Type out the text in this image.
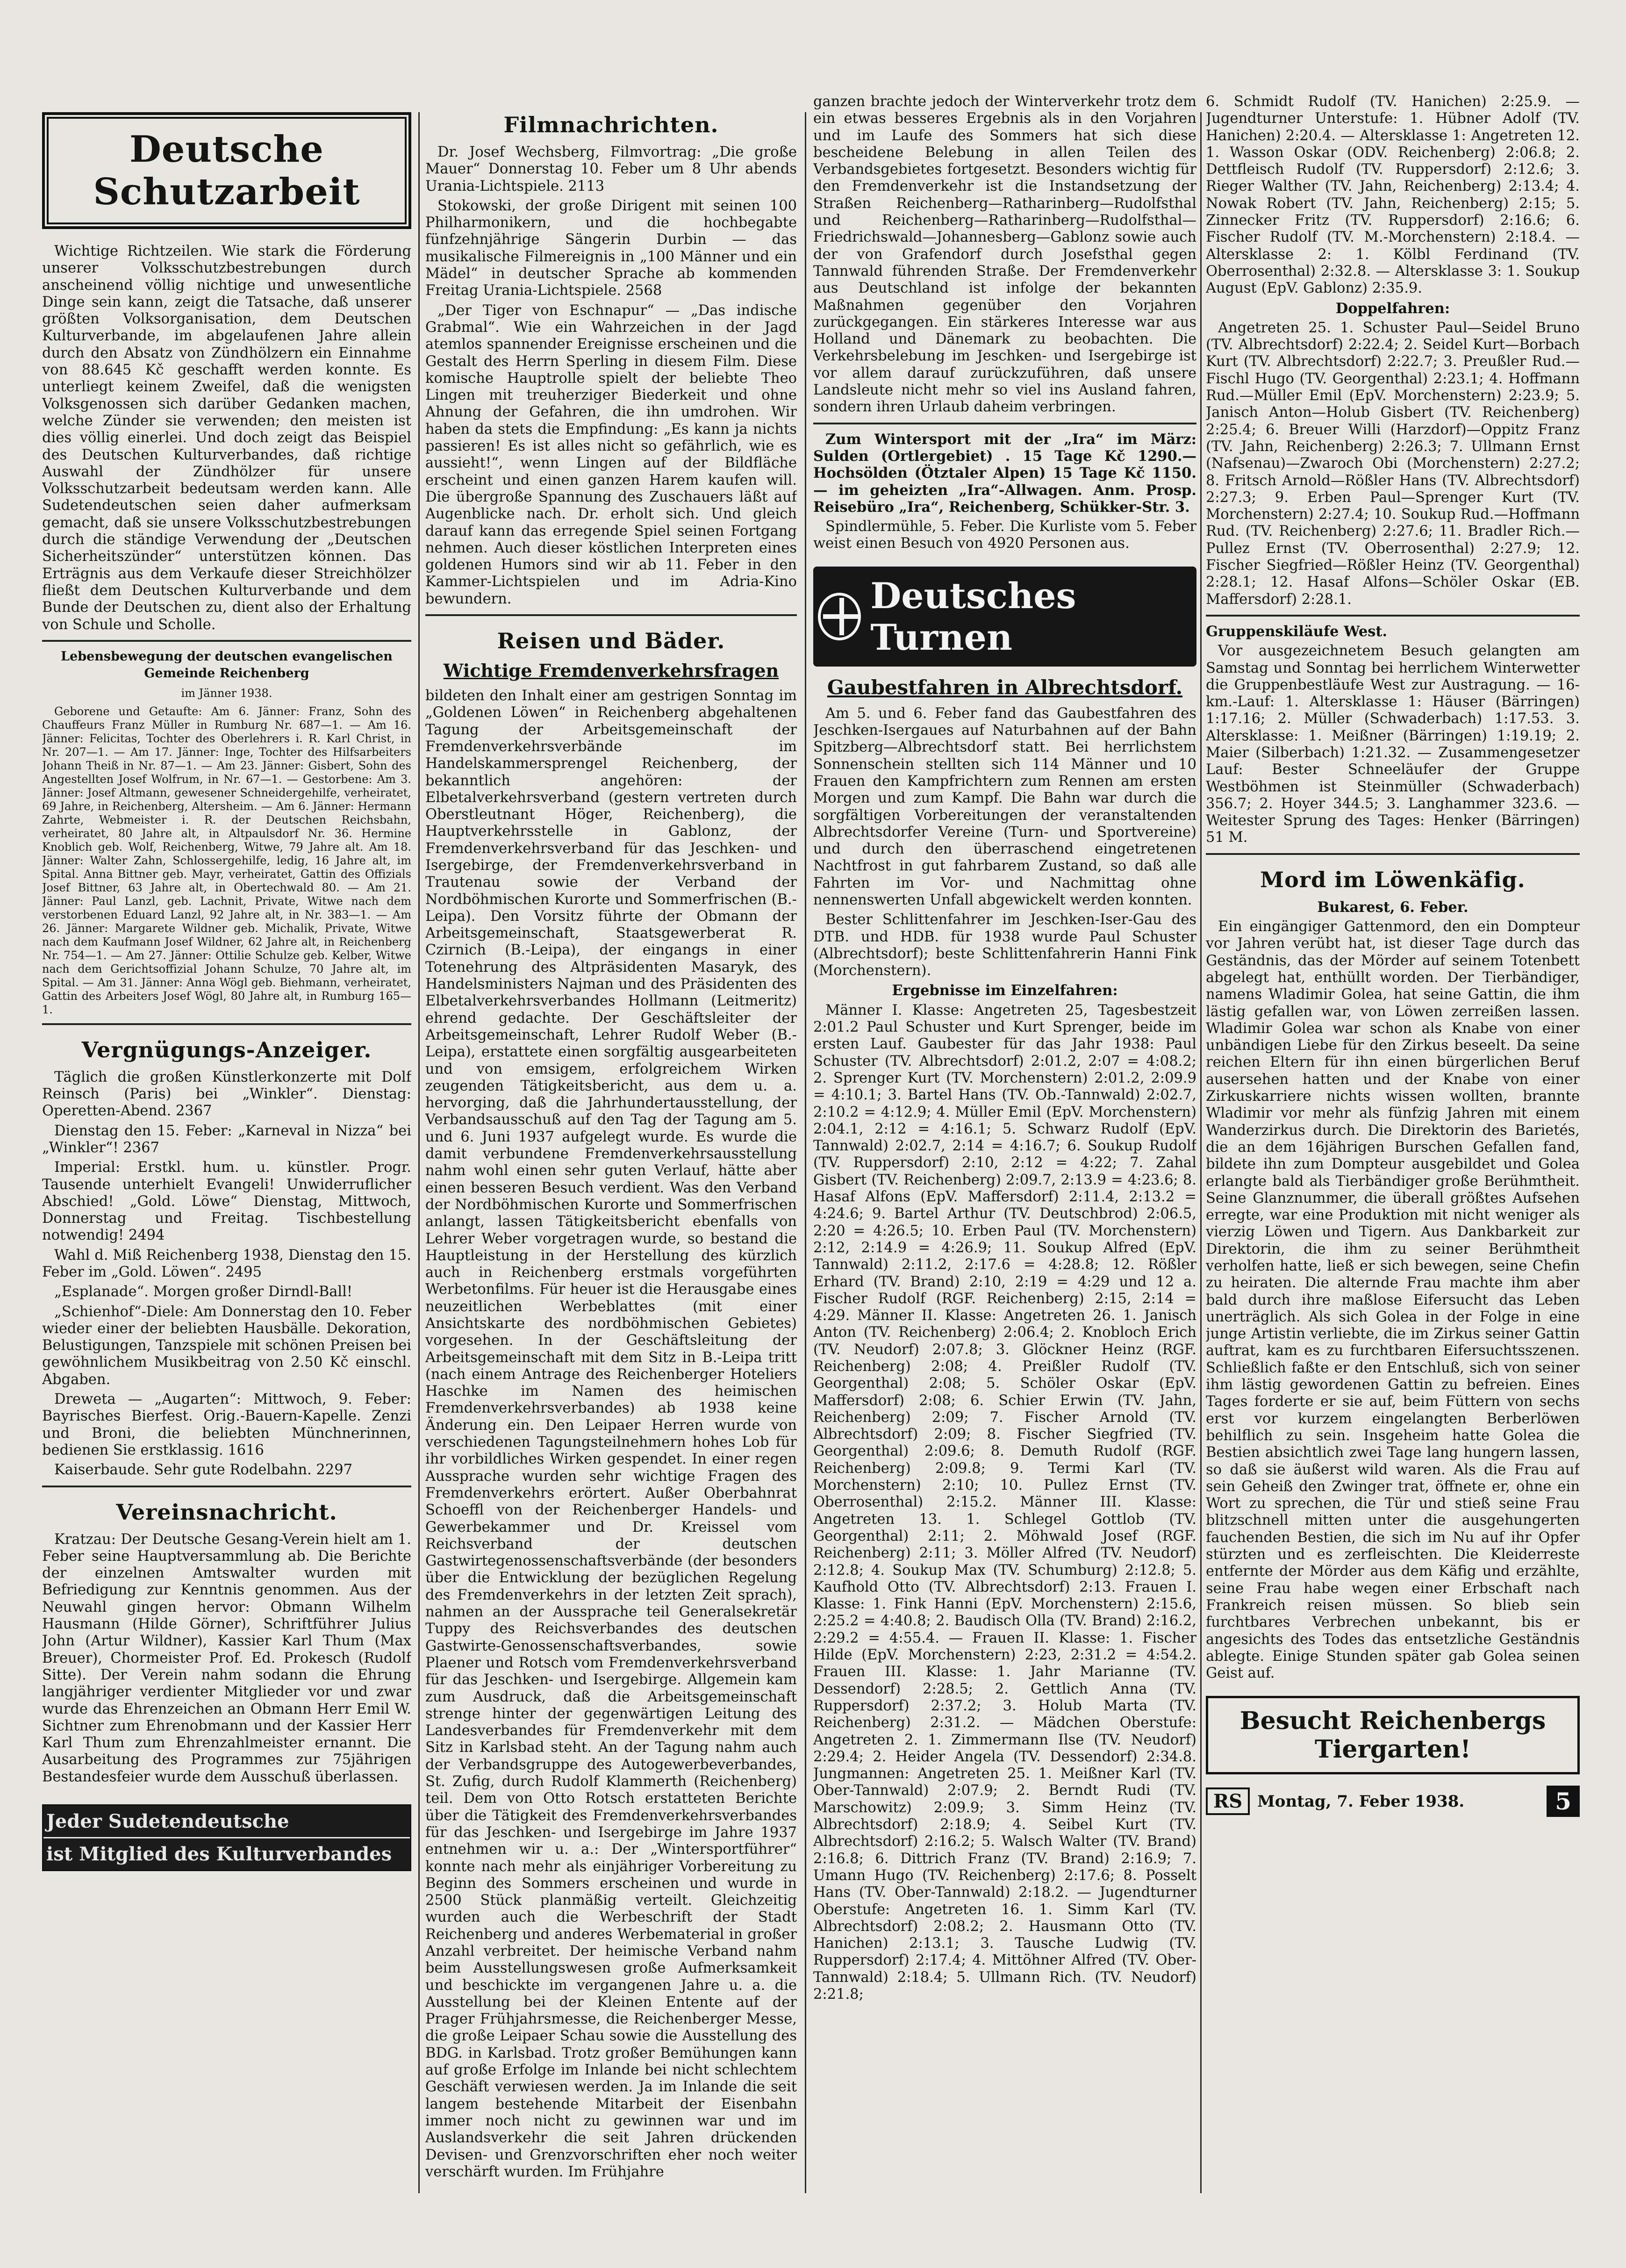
Deutsche Schutzarbeit

Wichtige Richtzeilen. Wie stark die Förderung unserer Volksschutzbestrebungen durch anscheinend völlig nichtige und unwesentliche Dinge sein kann, zeigt die Tatsache, daß unserer größten Volksorganisation, dem Deutschen Kulturverbande, im abgelaufenen Jahre allein durch den Absatz von Zündhölzern ein Einnahme von 88.645 Kč geschafft werden konnte. Es unterliegt keinem Zweifel, daß die wenigsten Volksgenossen sich darüber Gedanken machen, welche Zünder sie verwenden; den meisten ist dies völlig einerlei. Und doch zeigt das Beispiel des Deutschen Kulturverbandes, daß richtige Auswahl der Zündhölzer für unsere Volksschutzarbeit bedeutsam werden kann. Alle Sudetendeutschen seien daher aufmerksam gemacht, daß sie unsere Volksschutzbestrebungen durch die ständige Verwendung der „Deutschen Sicherheitszünder“ unterstützen können. Das Erträgnis aus dem Verkaufe dieser Streichhölzer fließt dem Deutschen Kulturverbande und dem Bunde der Deutschen zu, dient also der Erhaltung von Schule und Scholle.

Lebensbewegung der deutschen evangelischen Gemeinde Reichenberg

im Jänner 1938.

Geborene und Getaufte: Am 6. Jänner: Franz, Sohn des Chauffeurs Franz Müller in Rumburg Nr. 687—1. — Am 16. Jänner: Felicitas, Tochter des Oberlehrers i. R. Karl Christ, in Nr. 207—1. — Am 17. Jänner: Inge, Tochter des Hilfsarbeiters Johann Theiß in Nr. 87—1. — Am 23. Jänner: Gisbert, Sohn des Angestellten Josef Wolfrum, in Nr. 67—1. — Gestorbene: Am 3. Jänner: Josef Altmann, gewesener Schneidergehilfe, verheiratet, 69 Jahre, in Reichenberg, Altersheim. — Am 6. Jänner: Hermann Zahrte, Webmeister i. R. der Deutschen Reichsbahn, verheiratet, 80 Jahre alt, in Altpaulsdorf Nr. 36. Hermine Knoblich geb. Wolf, Reichenberg, Witwe, 79 Jahre alt. Am 18. Jänner: Walter Zahn, Schlossergehilfe, ledig, 16 Jahre alt, im Spital. Anna Bittner geb. Mayr, verheiratet, Gattin des Offizials Josef Bittner, 63 Jahre alt, in Obertechwald 80. — Am 21. Jänner: Paul Lanzl, geb. Lachnit, Private, Witwe nach dem verstorbenen Eduard Lanzl, 92 Jahre alt, in Nr. 383—1. — Am 26. Jänner: Margarete Wildner geb. Michalik, Private, Witwe nach dem Kaufmann Josef Wildner, 62 Jahre alt, in Reichenberg Nr. 754—1. — Am 27. Jänner: Ottilie Schulze geb. Kelber, Witwe nach dem Gerichtsoffizial Johann Schulze, 70 Jahre alt, im Spital. — Am 31. Jänner: Anna Wögl geb. Biehmann, verheiratet, Gattin des Arbeiters Josef Wögl, 80 Jahre alt, in Rumburg 165—1.

Vergnügungs-Anzeiger.

Täglich die großen Künstlerkonzerte mit Dolf Reinsch (Paris) bei „Winkler“. Dienstag: Operetten-Abend. 2367

Dienstag den 15. Feber: „Karneval in Nizza“ bei „Winkler“! 2367

Imperial: Erstkl. hum. u. künstler. Progr. Tausende unterhielt Evangeli! Unwiderruflicher Abschied! „Gold. Löwe“ Dienstag, Mittwoch, Donnerstag und Freitag. Tischbestellung notwendig! 2494

Wahl d. Miß Reichenberg 1938, Dienstag den 15. Feber im „Gold. Löwen“. 2495

„Esplanade“. Morgen großer Dirndl-Ball!

„Schienhof“-Diele: Am Donnerstag den 10. Feber wieder einer der beliebten Hausbälle. Dekoration, Belustigungen, Tanzspiele mit schönen Preisen bei gewöhnlichem Musikbeitrag von 2.50 Kč einschl. Abgaben.

Dreweta — „Augarten“: Mittwoch, 9. Feber: Bayrisches Bierfest. Orig.-Bauern-Kapelle. Zenzi und Broni, die beliebten Münchnerinnen, bedienen Sie erstklassig. 1616

Kaiserbaude. Sehr gute Rodelbahn. 2297

Vereinsnachricht.

Kratzau: Der Deutsche Gesang-Verein hielt am 1. Feber seine Hauptversammlung ab. Die Berichte der einzelnen Amtswalter wurden mit Befriedigung zur Kenntnis genommen. Aus der Neuwahl gingen hervor: Obmann Wilhelm Hausmann (Hilde Görner), Schriftführer Julius John (Artur Wildner), Kassier Karl Thum (Max Breuer), Chormeister Prof. Ed. Prokesch (Rudolf Sitte). Der Verein nahm sodann die Ehrung langjähriger verdienter Mitglieder vor und zwar wurde das Ehrenzeichen an Obmann Herr Emil W. Sichtner zum Ehrenobmann und der Kassier Herr Karl Thum zum Ehrenzahlmeister ernannt. Die Ausarbeitung des Programmes zur 75jährigen Bestandesfeier wurde dem Ausschuß überlassen.

Jeder Sudetendeutsche
ist Mitglied des Kulturverbandes
Filmnachrichten.

Dr. Josef Wechsberg, Filmvortrag: „Die große Mauer“ Donnerstag 10. Feber um 8 Uhr abends Urania-Lichtspiele. 2113

Stokowski, der große Dirigent mit seinen 100 Philharmonikern, und die hochbegabte fünfzehnjährige Sängerin Durbin — das musikalische Filmereignis in „100 Männer und ein Mädel“ in deutscher Sprache ab kommenden Freitag Urania-Lichtspiele. 2568

„Der Tiger von Eschnapur“ — „Das indische Grabmal“. Wie ein Wahrzeichen in der Jagd atemlos spannender Ereignisse erscheinen und die Gestalt des Herrn Sperling in diesem Film. Diese komische Hauptrolle spielt der beliebte Theo Lingen mit treuherziger Biederkeit und ohne Ahnung der Gefahren, die ihn umdrohen. Wir haben da stets die Empfindung: „Es kann ja nichts passieren! Es ist alles nicht so gefährlich, wie es aussieht!“, wenn Lingen auf der Bildfläche erscheint und einen ganzen Harem kaufen will. Die übergroße Spannung des Zuschauers läßt auf Augenblicke nach. Dr. erholt sich. Und gleich darauf kann das erregende Spiel seinen Fortgang nehmen. Auch dieser köstlichen Interpreten eines goldenen Humors sind wir ab 11. Feber in den Kammer-Lichtspielen und im Adria-Kino bewundern.

Reisen und Bäder.
Wichtige Fremdenverkehrsfragen

bildeten den Inhalt einer am gestrigen Sonntag im „Goldenen Löwen“ in Reichenberg abgehaltenen Tagung der Arbeitsgemeinschaft der Fremdenverkehrsverbände im Handelskammersprengel Reichenberg, der bekanntlich angehören: der Elbetalverkehrsverband (gestern vertreten durch Oberstleutnant Höger, Reichenberg), die Hauptverkehrsstelle in Gablonz, der Fremdenverkehrsverband für das Jeschken- und Isergebirge, der Fremdenverkehrsverband in Trautenau sowie der Verband der Nordböhmischen Kurorte und Sommerfrischen (B.-Leipa). Den Vorsitz führte der Obmann der Arbeitsgemeinschaft, Staatsgewerberat R. Czirnich (B.-Leipa), der eingangs in einer Totenehrung des Altpräsidenten Masaryk, des Handelsministers Najman und des Präsidenten des Elbetalverkehrsverbandes Hollmann (Leitmeritz) ehrend gedachte. Der Geschäftsleiter der Arbeitsgemeinschaft, Lehrer Rudolf Weber (B.-Leipa), erstattete einen sorgfältig ausgearbeiteten und von emsigem, erfolgreichem Wirken zeugenden Tätigkeitsbericht, aus dem u. a. hervorging, daß die Jahrhundertausstellung, der Verbandsausschuß auf den Tag der Tagung am 5. und 6. Juni 1937 aufgelegt wurde. Es wurde die damit verbundene Fremdenverkehrsausstellung nahm wohl einen sehr guten Verlauf, hätte aber einen besseren Besuch verdient. Was den Verband der Nordböhmischen Kurorte und Sommerfrischen anlangt, lassen Tätigkeitsbericht ebenfalls von Lehrer Weber vorgetragen wurde, so bestand die Hauptleistung in der Herstellung des kürzlich auch in Reichenberg erstmals vorgeführten Werbetonfilms. Für heuer ist die Herausgabe eines neuzeitlichen Werbeblattes (mit einer Ansichtskarte des nordböhmischen Gebietes) vorgesehen. In der Geschäftsleitung der Arbeitsgemeinschaft mit dem Sitz in B.-Leipa tritt (nach einem Antrage des Reichenberger Hoteliers Haschke im Namen des heimischen Fremdenverkehrsverbandes) ab 1938 keine Änderung ein. Den Leipaer Herren wurde von verschiedenen Tagungsteilnehmern hohes Lob für ihr vorbildliches Wirken gespendet. In einer regen Aussprache wurden sehr wichtige Fragen des Fremdenverkehrs erörtert. Außer Oberbahnrat Schoeffl von der Reichenberger Handels- und Gewerbekammer und Dr. Kreissel vom Reichsverband der deutschen Gastwirtegenossenschaftsverbände (der besonders über die Entwicklung der bezüglichen Regelung des Fremdenverkehrs in der letzten Zeit sprach), nahmen an der Aussprache teil Generalsekretär Tuppy des Reichsverbandes des deutschen Gastwirte-Genossenschaftsverbandes, sowie Plaener und Rotsch vom Fremdenverkehrsverband für das Jeschken- und Isergebirge. Allgemein kam zum Ausdruck, daß die Arbeitsgemeinschaft strenge hinter der gegenwärtigen Leitung des Landesverbandes für Fremdenverkehr mit dem Sitz in Karlsbad steht. An der Tagung nahm auch der Verbandsgruppe des Autogewerbeverbandes, St. Zufig, durch Rudolf Klammerth (Reichenberg) teil. Dem von Otto Rotsch erstatteten Berichte über die Tätigkeit des Fremdenverkehrsverbandes für das Jeschken- und Isergebirge im Jahre 1937 entnehmen wir u. a.: Der „Wintersportführer“ konnte nach mehr als einjähriger Vorbereitung zu Beginn des Sommers erscheinen und wurde in 2500 Stück planmäßig verteilt. Gleichzeitig wurden auch die Werbeschrift der Stadt Reichenberg und anderes Werbematerial in großer Anzahl verbreitet. Der heimische Verband nahm beim Ausstellungswesen große Aufmerksamkeit und beschickte im vergangenen Jahre u. a. die Ausstellung bei der Kleinen Entente auf der Prager Frühjahrsmesse, die Reichenberger Messe, die große Leipaer Schau sowie die Ausstellung des BDG. in Karlsbad. Trotz großer Bemühungen kann auf große Erfolge im Inlande bei nicht schlechtem Geschäft verwiesen werden. Ja im Inlande die seit langem bestehende Mitarbeit der Eisenbahn immer noch nicht zu gewinnen war und im Auslandsverkehr die seit Jahren drückenden Devisen- und Grenzvorschriften eher noch weiter verschärft wurden. Im Frühjahre

ganzen brachte jedoch der Winterverkehr trotz dem ein etwas besseres Ergebnis als in den Vorjahren und im Laufe des Sommers hat sich diese bescheidene Belebung in allen Teilen des Verbandsgebietes fortgesetzt. Besonders wichtig für den Fremdenverkehr ist die Instandsetzung der Straßen Reichenberg—Ratharinberg—Rudolfsthal und Reichenberg—Ratharinberg—Rudolfsthal—Friedrichswald—Johannesberg—Gablonz sowie auch der von Grafendorf durch Josefsthal gegen Tannwald führenden Straße. Der Fremdenverkehr aus Deutschland ist infolge der bekannten Maßnahmen gegenüber den Vorjahren zurückgegangen. Ein stärkeres Interesse war aus Holland und Dänemark zu beobachten. Die Verkehrsbelebung im Jeschken- und Isergebirge ist vor allem darauf zurückzuführen, daß unsere Landsleute nicht mehr so viel ins Ausland fahren, sondern ihren Urlaub daheim verbringen.

Zum Wintersport mit der „Ira“ im März: Sulden (Ortlergebiet) . 15 Tage Kč 1290.— Hochsölden (Ötztaler Alpen) 15 Tage Kč 1150.— im geheizten „Ira“-Allwagen. Anm. Prosp. Reisebüro „Ira“, Reichenberg, Schükker-Str. 3.

Spindlermühle, 5. Feber. Die Kurliste vom 5. Feber weist einen Besuch von 4920 Personen aus.

Deutsches Turnen
Gaubestfahren in Albrechtsdorf.

Am 5. und 6. Feber fand das Gaubestfahren des Jeschken-Isergaues auf Naturbahnen auf der Bahn Spitzberg—Albrechtsdorf statt. Bei herrlichstem Sonnenschein stellten sich 114 Männer und 10 Frauen den Kampfrichtern zum Rennen am ersten Morgen und zum Kampf. Die Bahn war durch die sorgfältigen Vorbereitungen der veranstaltenden Albrechtsdorfer Vereine (Turn- und Sportvereine) und durch den überraschend eingetretenen Nachtfrost in gut fahrbarem Zustand, so daß alle Fahrten im Vor- und Nachmittag ohne nennenswerten Unfall abgewickelt werden konnten.

Bester Schlittenfahrer im Jeschken-Iser-Gau des DTB. und HDB. für 1938 wurde Paul Schuster (Albrechtsdorf); beste Schlittenfahrerin Hanni Fink (Morchenstern).

Ergebnisse im Einzelfahren:

Männer I. Klasse: Angetreten 25, Tagesbestzeit 2:01.2 Paul Schuster und Kurt Sprenger, beide im ersten Lauf. Gaubester für das Jahr 1938: Paul Schuster (TV. Albrechtsdorf) 2:01.2, 2:07 = 4:08.2; 2. Sprenger Kurt (TV. Morchenstern) 2:01.2, 2:09.9 = 4:10.1; 3. Bartel Hans (TV. Ob.-Tannwald) 2:02.7, 2:10.2 = 4:12.9; 4. Müller Emil (EpV. Morchenstern) 2:04.1, 2:12 = 4:16.1; 5. Schwarz Rudolf (EpV. Tannwald) 2:02.7, 2:14 = 4:16.7; 6. Soukup Rudolf (TV. Ruppersdorf) 2:10, 2:12 = 4:22; 7. Zahal Gisbert (TV. Reichenberg) 2:09.7, 2:13.9 = 4:23.6; 8. Hasaf Alfons (EpV. Maffersdorf) 2:11.4, 2:13.2 = 4:24.6; 9. Bartel Arthur (TV. Deutschbrod) 2:06.5, 2:20 = 4:26.5; 10. Erben Paul (TV. Morchenstern) 2:12, 2:14.9 = 4:26.9; 11. Soukup Alfred (EpV. Tannwald) 2:11.2, 2:17.6 = 4:28.8; 12. Rößler Erhard (TV. Brand) 2:10, 2:19 = 4:29 und 12 a. Fischer Rudolf (RGF. Reichenberg) 2:15, 2:14 = 4:29. Männer II. Klasse: Angetreten 26. 1. Janisch Anton (TV. Reichenberg) 2:06.4; 2. Knobloch Erich (TV. Neudorf) 2:07.8; 3. Glöckner Heinz (RGF. Reichenberg) 2:08; 4. Preißler Rudolf (TV. Georgenthal) 2:08; 5. Schöler Oskar (EpV. Maffersdorf) 2:08; 6. Schier Erwin (TV. Jahn, Reichenberg) 2:09; 7. Fischer Arnold (TV. Albrechtsdorf) 2:09; 8. Fischer Siegfried (TV. Georgenthal) 2:09.6; 8. Demuth Rudolf (RGF. Reichenberg) 2:09.8; 9. Termi Karl (TV. Morchenstern) 2:10; 10. Pullez Ernst (TV. Oberrosenthal) 2:15.2. Männer III. Klasse: Angetreten 13. 1. Schlegel Gottlob (TV. Georgenthal) 2:11; 2. Möhwald Josef (RGF. Reichenberg) 2:11; 3. Möller Alfred (TV. Neudorf) 2:12.8; 4. Soukup Max (TV. Schumburg) 2:12.8; 5. Kaufhold Otto (TV. Albrechtsdorf) 2:13. Frauen I. Klasse: 1. Fink Hanni (EpV. Morchenstern) 2:15.6, 2:25.2 = 4:40.8; 2. Baudisch Olla (TV. Brand) 2:16.2, 2:29.2 = 4:55.4. — Frauen II. Klasse: 1. Fischer Hilde (EpV. Morchenstern) 2:23, 2:31.2 = 4:54.2. Frauen III. Klasse: 1. Jahr Marianne (TV. Dessendorf) 2:28.5; 2. Gettlich Anna (TV. Ruppersdorf) 2:37.2; 3. Holub Marta (TV. Reichenberg) 2:31.2. — Mädchen Oberstufe: Angetreten 2. 1. Zimmermann Ilse (TV. Neudorf) 2:29.4; 2. Heider Angela (TV. Dessendorf) 2:34.8. Jungmannen: Angetreten 25. 1. Meißner Karl (TV. Ober-Tannwald) 2:07.9; 2. Berndt Rudi (TV. Marschowitz) 2:09.9; 3. Simm Heinz (TV. Albrechtsdorf) 2:18.9; 4. Seibel Kurt (TV. Albrechtsdorf) 2:16.2; 5. Walsch Walter (TV. Brand) 2:16.8; 6. Dittrich Franz (TV. Brand) 2:16.9; 7. Umann Hugo (TV. Reichenberg) 2:17.6; 8. Posselt Hans (TV. Ober-Tannwald) 2:18.2. — Jugendturner Oberstufe: Angetreten 16. 1. Simm Karl (TV. Albrechtsdorf) 2:08.2; 2. Hausmann Otto (TV. Hanichen) 2:13.1; 3. Tausche Ludwig (TV. Ruppersdorf) 2:17.4; 4. Mittöhner Alfred (TV. Ober-Tannwald) 2:18.4; 5. Ullmann Rich. (TV. Neudorf) 2:21.8;

6. Schmidt Rudolf (TV. Hanichen) 2:25.9. — Jugendturner Unterstufe: 1. Hübner Adolf (TV. Hanichen) 2:20.4. — Altersklasse 1: Angetreten 12. 1. Wasson Oskar (ODV. Reichenberg) 2:06.8; 2. Dettfleisch Rudolf (TV. Ruppersdorf) 2:12.6; 3. Rieger Walther (TV. Jahn, Reichenberg) 2:13.4; 4. Nowak Robert (TV. Jahn, Reichenberg) 2:15; 5. Zinnecker Fritz (TV. Ruppersdorf) 2:16.6; 6. Fischer Rudolf (TV. M.-Morchenstern) 2:18.4. — Altersklasse 2: 1. Kölbl Ferdinand (TV. Oberrosenthal) 2:32.8. — Altersklasse 3: 1. Soukup August (EpV. Gablonz) 2:35.9.

Doppelfahren:

Angetreten 25. 1. Schuster Paul—Seidel Bruno (TV. Albrechtsdorf) 2:22.4; 2. Seidel Kurt—Borbach Kurt (TV. Albrechtsdorf) 2:22.7; 3. Preußler Rud.—Fischl Hugo (TV. Georgenthal) 2:23.1; 4. Hoffmann Rud.—Müller Emil (EpV. Morchenstern) 2:23.9; 5. Janisch Anton—Holub Gisbert (TV. Reichenberg) 2:25.4; 6. Breuer Willi (Harzdorf)—Oppitz Franz (TV. Jahn, Reichenberg) 2:26.3; 7. Ullmann Ernst (Nafsenau)—Zwaroch Obi (Morchenstern) 2:27.2; 8. Fritsch Arnold—Rößler Hans (TV. Albrechtsdorf) 2:27.3; 9. Erben Paul—Sprenger Kurt (TV. Morchenstern) 2:27.4; 10. Soukup Rud.—Hoffmann Rud. (TV. Reichenberg) 2:27.6; 11. Bradler Rich.—Pullez Ernst (TV. Oberrosenthal) 2:27.9; 12. Fischer Siegfried—Rößler Heinz (TV. Georgenthal) 2:28.1; 12. Hasaf Alfons—Schöler Oskar (EB. Maffersdorf) 2:28.1.

Gruppenskiläufe West.

Vor ausgezeichnetem Besuch gelangten am Samstag und Sonntag bei herrlichem Winterwetter die Gruppenbestläufe West zur Austragung. — 16-km.-Lauf: 1. Altersklasse 1: Häuser (Bärringen) 1:17.16; 2. Müller (Schwaderbach) 1:17.53. 3. Altersklasse: 1. Meißner (Bärringen) 1:19.19; 2. Maier (Silberbach) 1:21.32. — Zusammengesetzer Lauf: Bester Schneeläufer der Gruppe Westböhmen ist Steinmüller (Schwaderbach) 356.7; 2. Hoyer 344.5; 3. Langhammer 323.6. — Weitester Sprung des Tages: Henker (Bärringen) 51 M.

Mord im Löwenkäfig.

Bukarest, 6. Feber.

Ein eingängiger Gattenmord, den ein Dompteur vor Jahren verübt hat, ist dieser Tage durch das Geständnis, das der Mörder auf seinem Totenbett abgelegt hat, enthüllt worden. Der Tierbändiger, namens Wladimir Golea, hat seine Gattin, die ihm lästig gefallen war, von Löwen zerreißen lassen. Wladimir Golea war schon als Knabe von einer unbändigen Liebe für den Zirkus beseelt. Da seine reichen Eltern für ihn einen bürgerlichen Beruf ausersehen hatten und der Knabe von einer Zirkuskarriere nichts wissen wollten, brannte Wladimir vor mehr als fünfzig Jahren mit einem Wanderzirkus durch. Die Direktorin des Barietés, die an dem 16jährigen Burschen Gefallen fand, bildete ihn zum Dompteur ausgebildet und Golea erlangte bald als Tierbändiger große Berühmtheit. Seine Glanznummer, die überall größtes Aufsehen erregte, war eine Produktion mit nicht weniger als vierzig Löwen und Tigern. Aus Dankbarkeit zur Direktorin, die ihm zu seiner Berühmtheit verholfen hatte, ließ er sich bewegen, seine Chefin zu heiraten. Die alternde Frau machte ihm aber bald durch ihre maßlose Eifersucht das Leben unerträglich. Als sich Golea in der Folge in eine junge Artistin verliebte, die im Zirkus seiner Gattin auftrat, kam es zu furchtbaren Eifersuchtsszenen. Schließlich faßte er den Entschluß, sich von seiner ihm lästig gewordenen Gattin zu befreien. Eines Tages forderte er sie auf, beim Füttern von sechs erst vor kurzem eingelangten Berberlöwen behilflich zu sein. Insgeheim hatte Golea die Bestien absichtlich zwei Tage lang hungern lassen, so daß sie äußerst wild waren. Als die Frau auf sein Geheiß den Zwinger trat, öffnete er, ohne ein Wort zu sprechen, die Tür und stieß seine Frau blitzschnell mitten unter die ausgehungerten fauchenden Bestien, die sich im Nu auf ihr Opfer stürzten und es zerfleischten. Die Kleiderreste entfernte der Mörder aus dem Käfig und erzählte, seine Frau habe wegen einer Erbschaft nach Frankreich reisen müssen. So blieb sein furchtbares Verbrechen unbekannt, bis er angesichts des Todes das entsetzliche Geständnis ablegte. Einige Stunden später gab Golea seinen Geist auf.

Besucht Reichenbergs Tiergarten!
RS Montag, 7. Feber 1938.	5
